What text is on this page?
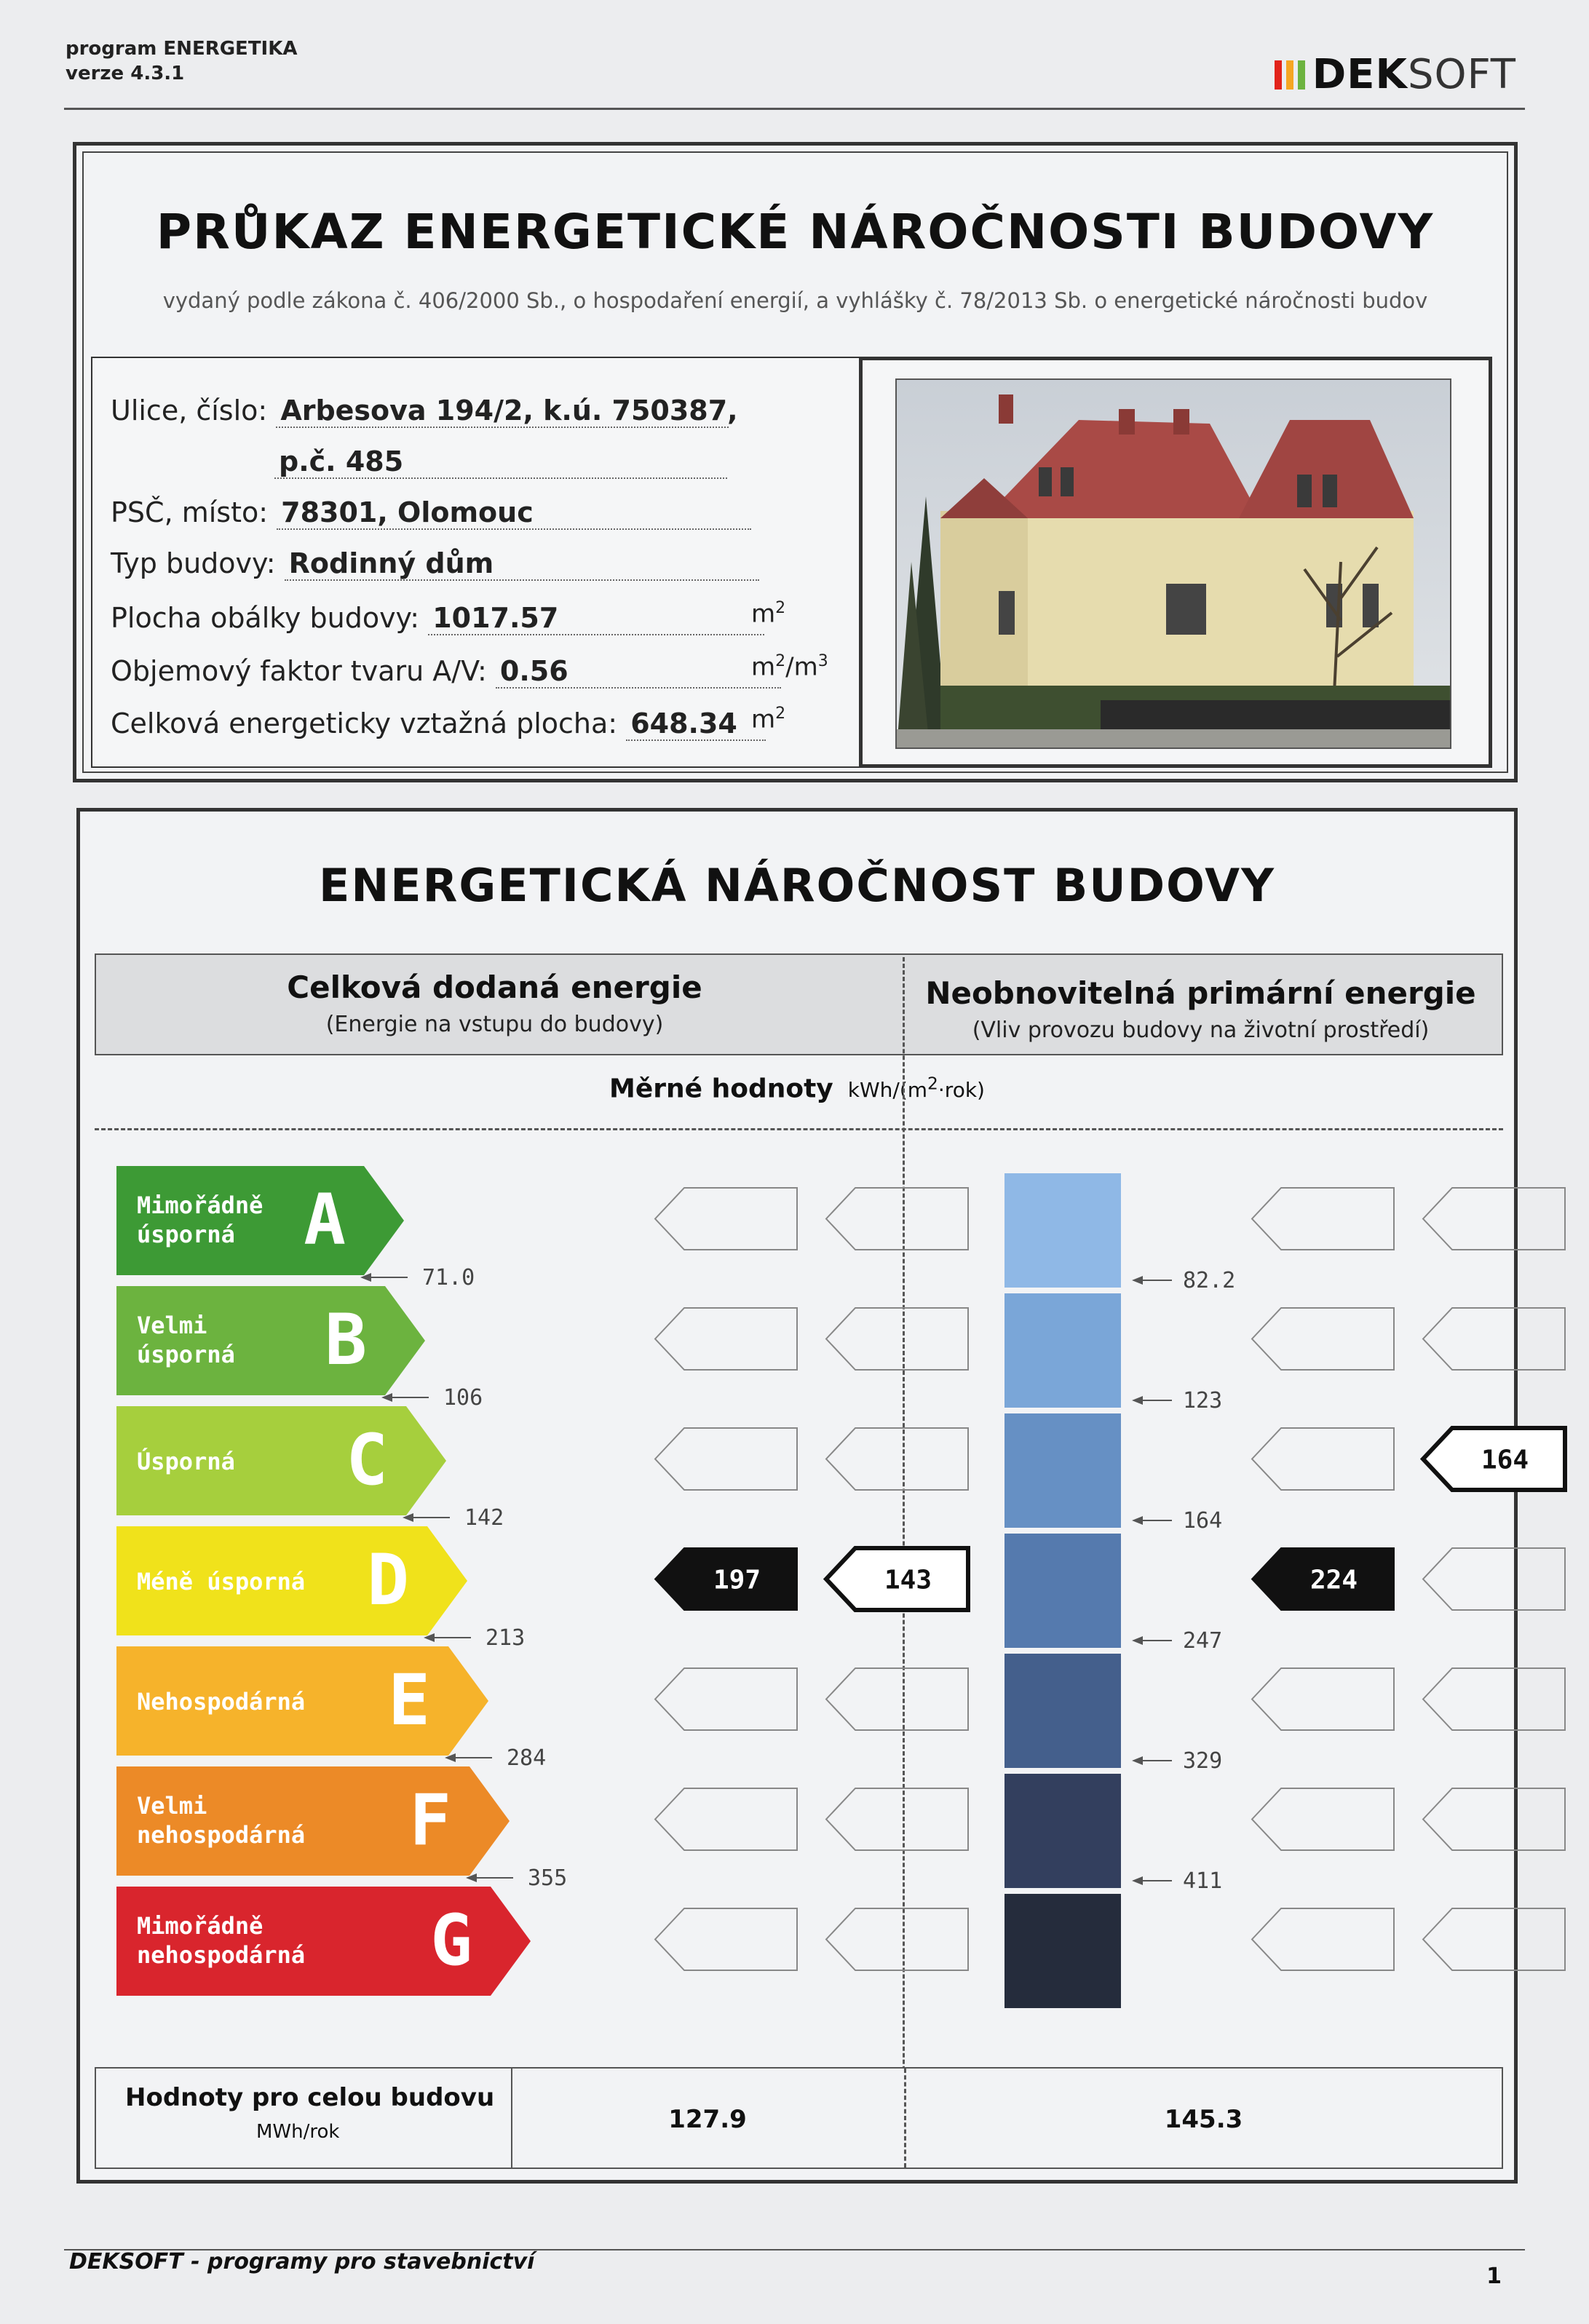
program ENERGETIKA
verze 4.3.1	DEK SOFT
PRŮKAZ ENERGETICKÉ NÁROČNOSTI BUDOVY
vydaný podle zákona č. 406/2000 Sb., o hospodaření energií, a vyhlášky č. 78/2013 Sb. o energetické náročnosti budov
Ulice, číslo: Arbesova 194/2, k.ú. 750387,
p.č. 485
PSČ, místo: 78301, Olomouc
Typ budovy: Rodinný dům
Plocha obálky budovy: 1017.57	$m^2$
Objemový faktor tvaru A/V: 0.56	$m^2/m^3$
Celková energeticky vztažná plocha: 648.34 $m^2$
ENERGETICKÁ NÁROČNOST BUDOVY
Celková dodaná energie
(Energie na vstupu do budovy)
Neobnovitelná primární energie
(Vliv provozu budovy na životní prostředí)
Měrné hodnoty kWh/$(m^2\cdot rok)$
Mimořádně
úsporná A
Velmi
úsporná B
Úsporná C
Méně úsporná D
Nehospodárná E
Velmi
nehospodárná F
Mimořádně
nehospodárná G
71.0
106
142
213
284
355
82.2
123
164
247
329
411
197	143	224
164
Hodnoty pro celou budovu
MWh/rok	127.9	145.3
DEKSOFT - programy pro stavebnictví
1
